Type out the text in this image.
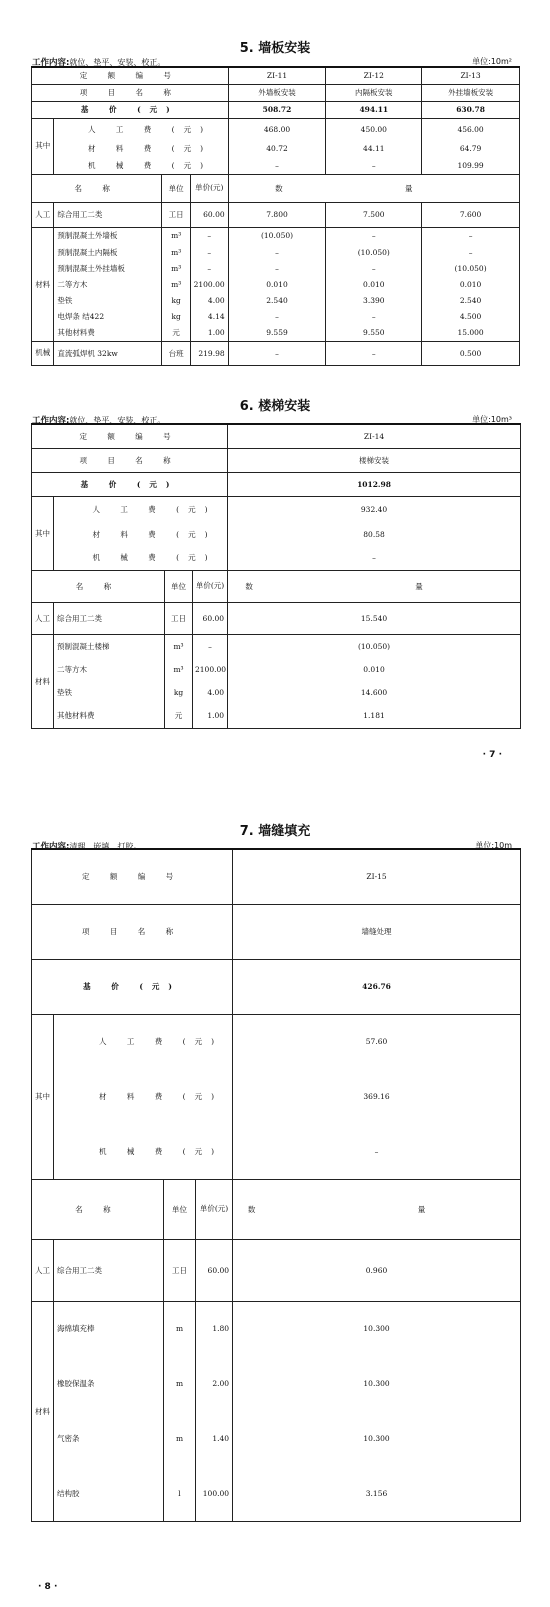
5. 墙板安装
工作内容:就位、垫平、安装、校正。	单位:10m²
定 额 编 号				ZI-11	ZI-12	ZI-13
项 目 名 称				外墙板安装	内隔板安装	外挂墙板安装
基 价 (元)				508.72	494.11	630.78
其中	人 工 费 (元)			468.00	450.00	456.00
	材 料 费 (元)			40.72	44.11	64.79
	机 械 费 (元)			–	–	109.99
名 称		单位	单价(元)	数 量		
人工	综合用工二类	工日	60.00	7.800	7.500	7.600
材料	预制混凝土外墙板	m³	–	(10.050)	–	–
	预制混凝土内隔板	m³	–	–	(10.050)	–
	预制混凝土外挂墙板	m³	–	–	–	(10.050)
	二等方木	m³	2100.00	0.010	0.010	0.010
	垫铁	kg	4.00	2.540	3.390	2.540
	电焊条 结422	kg	4.14	–	–	4.500
	其他材料费	元	1.00	9.559	9.550	15.000
机械	直流弧焊机 32kw	台班	219.98	–	–	0.500
6. 楼梯安装
工作内容:就位、垫平、安装、校正。	单位:10m³
定 额 编 号				ZI-14
项 目 名 称				楼梯安装
基 价 (元)				1012.98
其中	人 工 费 (元)			932.40
	材 料 费 (元)			80.58
	机 械 费 (元)			–
名 称		单位	单价(元)	数 量
人工	综合用工二类	工日	60.00	15.540
材料	预制混凝土楼梯	m³	–	(10.050)
	二等方木	m³	2100.00	0.010
	垫铁	kg	4.00	14.600
	其他材料费	元	1.00	1.181
· 7 ·
7. 墙缝填充
工作内容:清理、嵌填、打胶。	单位:10m
定 额 编 号				ZI-15
项 目 名 称				墙缝处理
基 价 (元)				426.76
其中	人 工 费 (元)			57.60
	材 料 费 (元)			369.16
	机 械 费 (元)			–
名 称		单位	单价(元)	数 量
人工	综合用工二类	工日	60.00	0.960
材料	海绵填充棒	m	1.80	10.300
	橡胶保温条	m	2.00	10.300
	气密条	m	1.40	10.300
	结构胶	l	100.00	3.156
· 8 ·
